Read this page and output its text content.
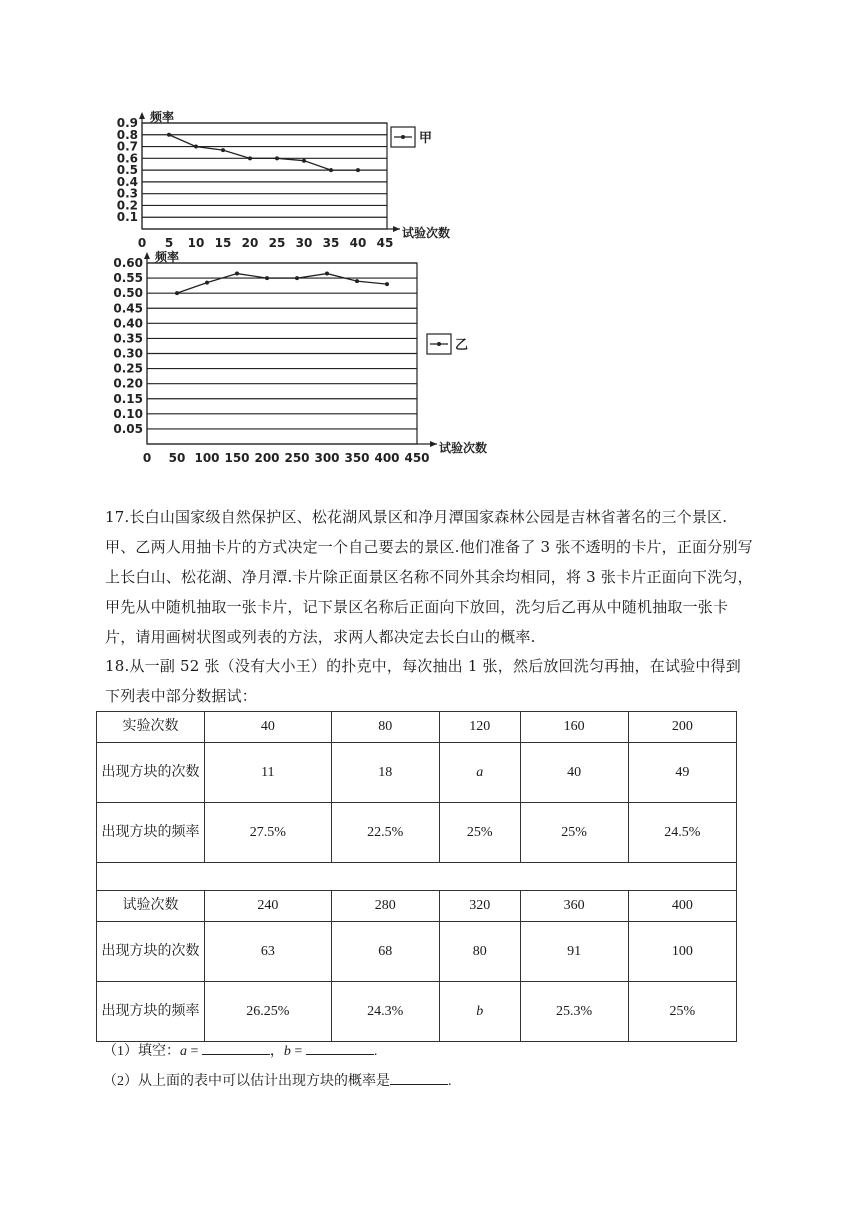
0.9
0.8
0.7
0.6
0.5
0.4
0.3
0.2
0.1
频率
试验次数
0 5 10 15 20 25 30 35 40 45
甲
0.60
0.55
0.50
0.45
0.40
0.35
0.30
0.25
0.20
0.15
0.10
0.05
频率
试验次数
0 50 100 150 200 250 300 350 400 450
乙
17.长白山国家级自然保护区、松花湖风景区和净月潭国家森林公园是吉林省著名的三个景区.甲、乙两人用抽卡片的方式决定一个自己要去的景区.他们准备了 3 张不透明的卡片，正面分别写上长白山、松花湖、净月潭.卡片除正面景区名称不同外其余均相同，将 3 张卡片正面向下洗匀，甲先从中随机抽取一张卡片，记下景区名称后正面向下放回，洗匀后乙再从中随机抽取一张卡片，请用画树状图或列表的方法，求两人都决定去长白山的概率.
18.从一副 52 张（没有大小王）的扑克中，每次抽出 1 张，然后放回洗匀再抽，在试验中得到下列表中部分数据试：
实验次数	40	80	120	160	200
出现方块的次数	11	18	a	40	49
出现方块的频率	27.5%	22.5%	25%	25%	24.5%

试验次数	240	280	320	360	400
出现方块的次数	63	68	80	91	100
出现方块的频率	26.25%	24.3%	b	25.3%	25%
（1）填空：a =	，b =	.
（2）从上面的表中可以估计出现方块的概率是	.
